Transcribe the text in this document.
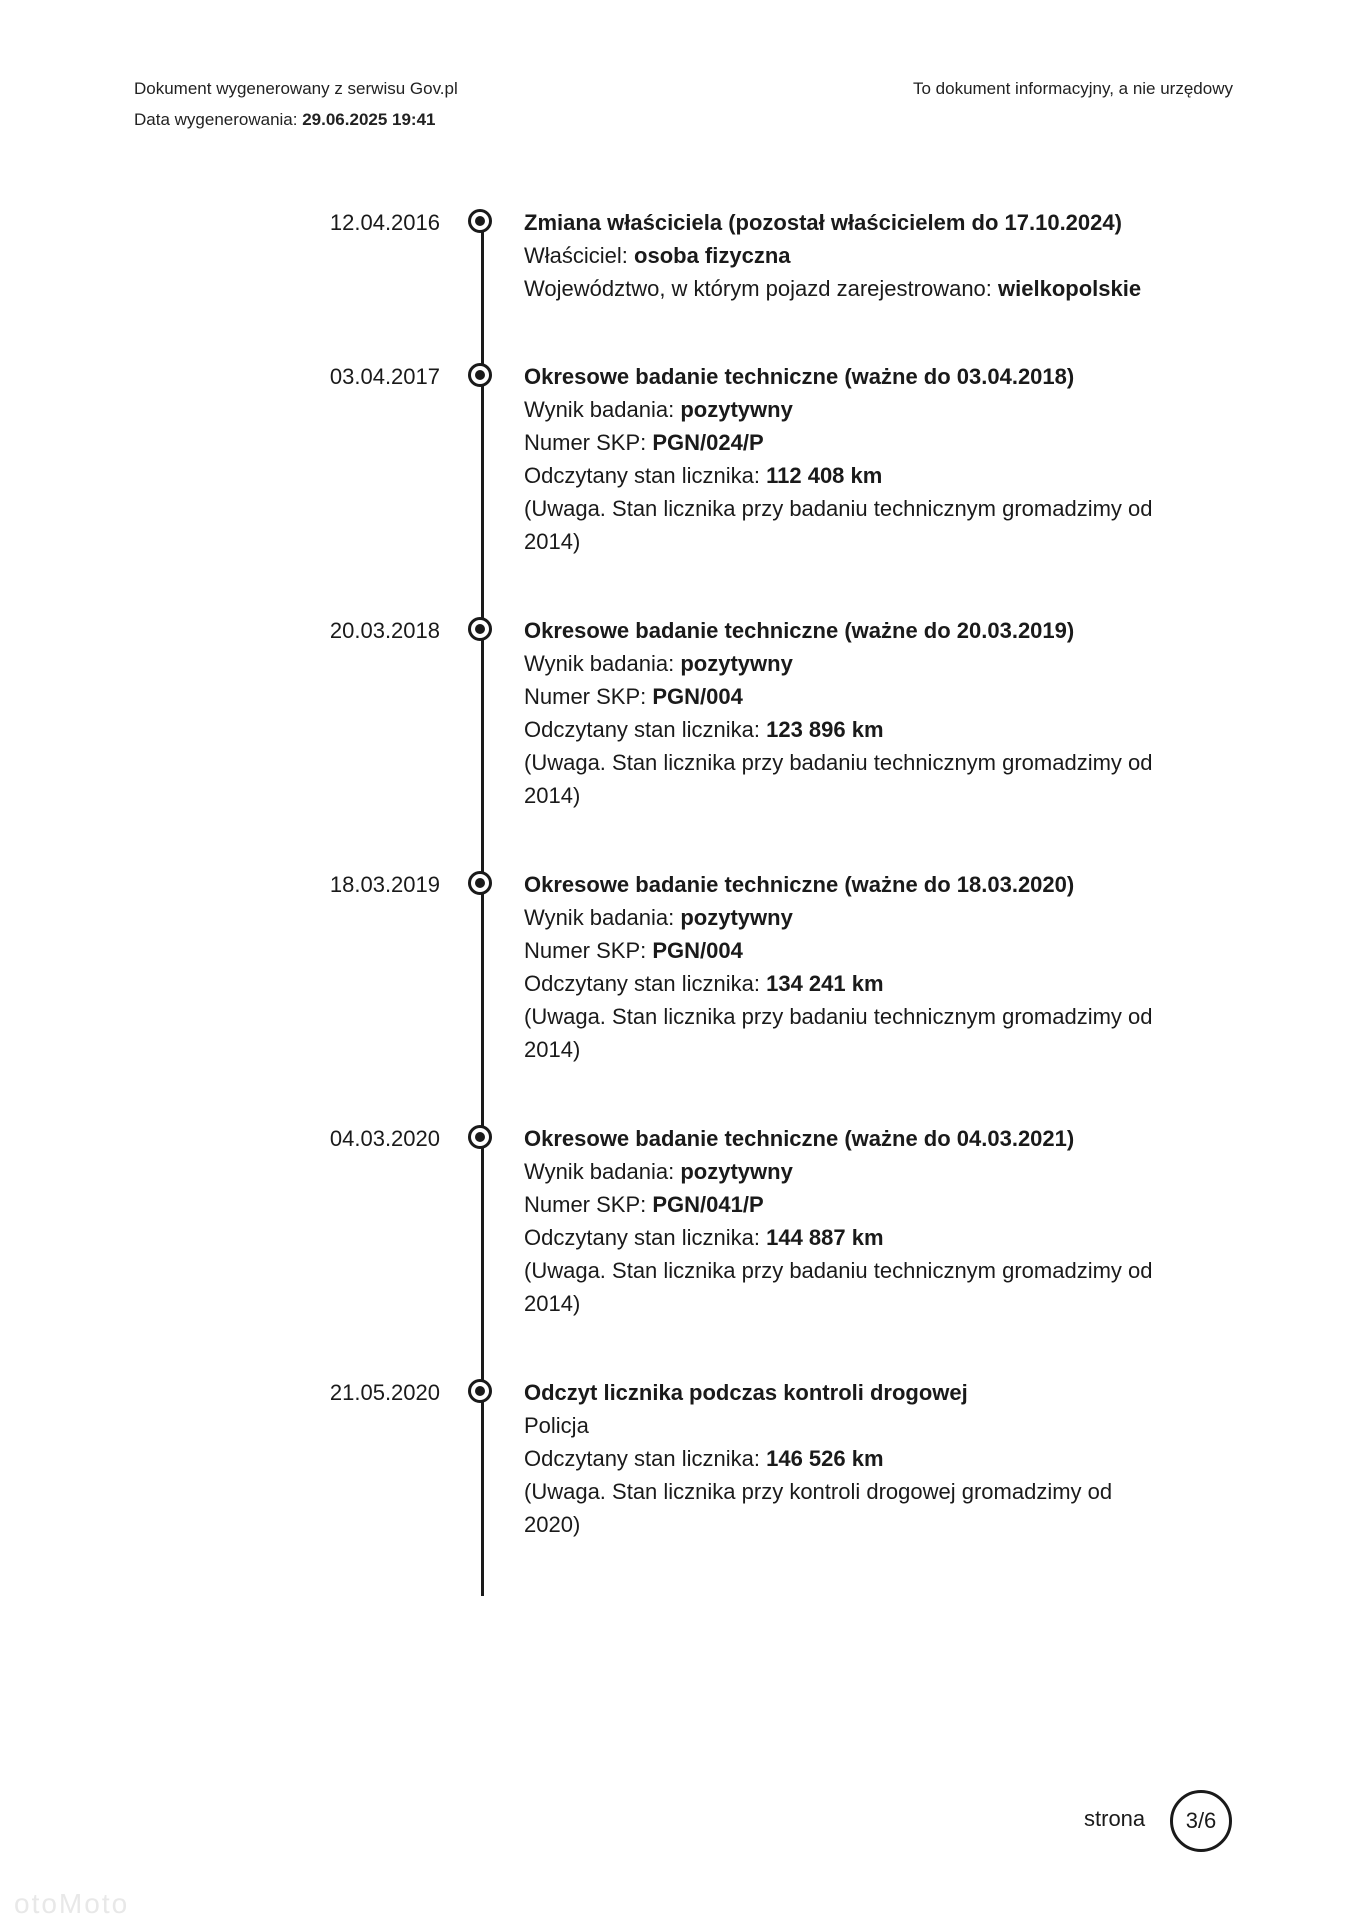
Dokument wygenerowany z serwisu Gov.pl
Data wygenerowania: 29.06.2025 19:41
To dokument informacyjny, a nie urzędowy
12.04.2016	Zmiana właściciela (pozostał właścicielem do 17.10.2024)
Właściciel: osoba fizyczna
Województwo, w którym pojazd zarejestrowano: wielkopolskie
03.04.2017	Okresowe badanie techniczne (ważne do 03.04.2018)
Wynik badania: pozytywny
Numer SKP: PGN/024/P
Odczytany stan licznika: 112 408 km
(Uwaga. Stan licznika przy badaniu technicznym gromadzimy od 2014)
20.03.2018	Okresowe badanie techniczne (ważne do 20.03.2019)
Wynik badania: pozytywny
Numer SKP: PGN/004
Odczytany stan licznika: 123 896 km
(Uwaga. Stan licznika przy badaniu technicznym gromadzimy od 2014)
18.03.2019	Okresowe badanie techniczne (ważne do 18.03.2020)
Wynik badania: pozytywny
Numer SKP: PGN/004
Odczytany stan licznika: 134 241 km
(Uwaga. Stan licznika przy badaniu technicznym gromadzimy od 2014)
04.03.2020	Okresowe badanie techniczne (ważne do 04.03.2021)
Wynik badania: pozytywny
Numer SKP: PGN/041/P
Odczytany stan licznika: 144 887 km
(Uwaga. Stan licznika przy badaniu technicznym gromadzimy od 2014)
21.05.2020	Odczyt licznika podczas kontroli drogowej
Policja
Odczytany stan licznika: 146 526 km
(Uwaga. Stan licznika przy kontroli drogowej gromadzimy od 2020)
strona	3/6
otoMoto
